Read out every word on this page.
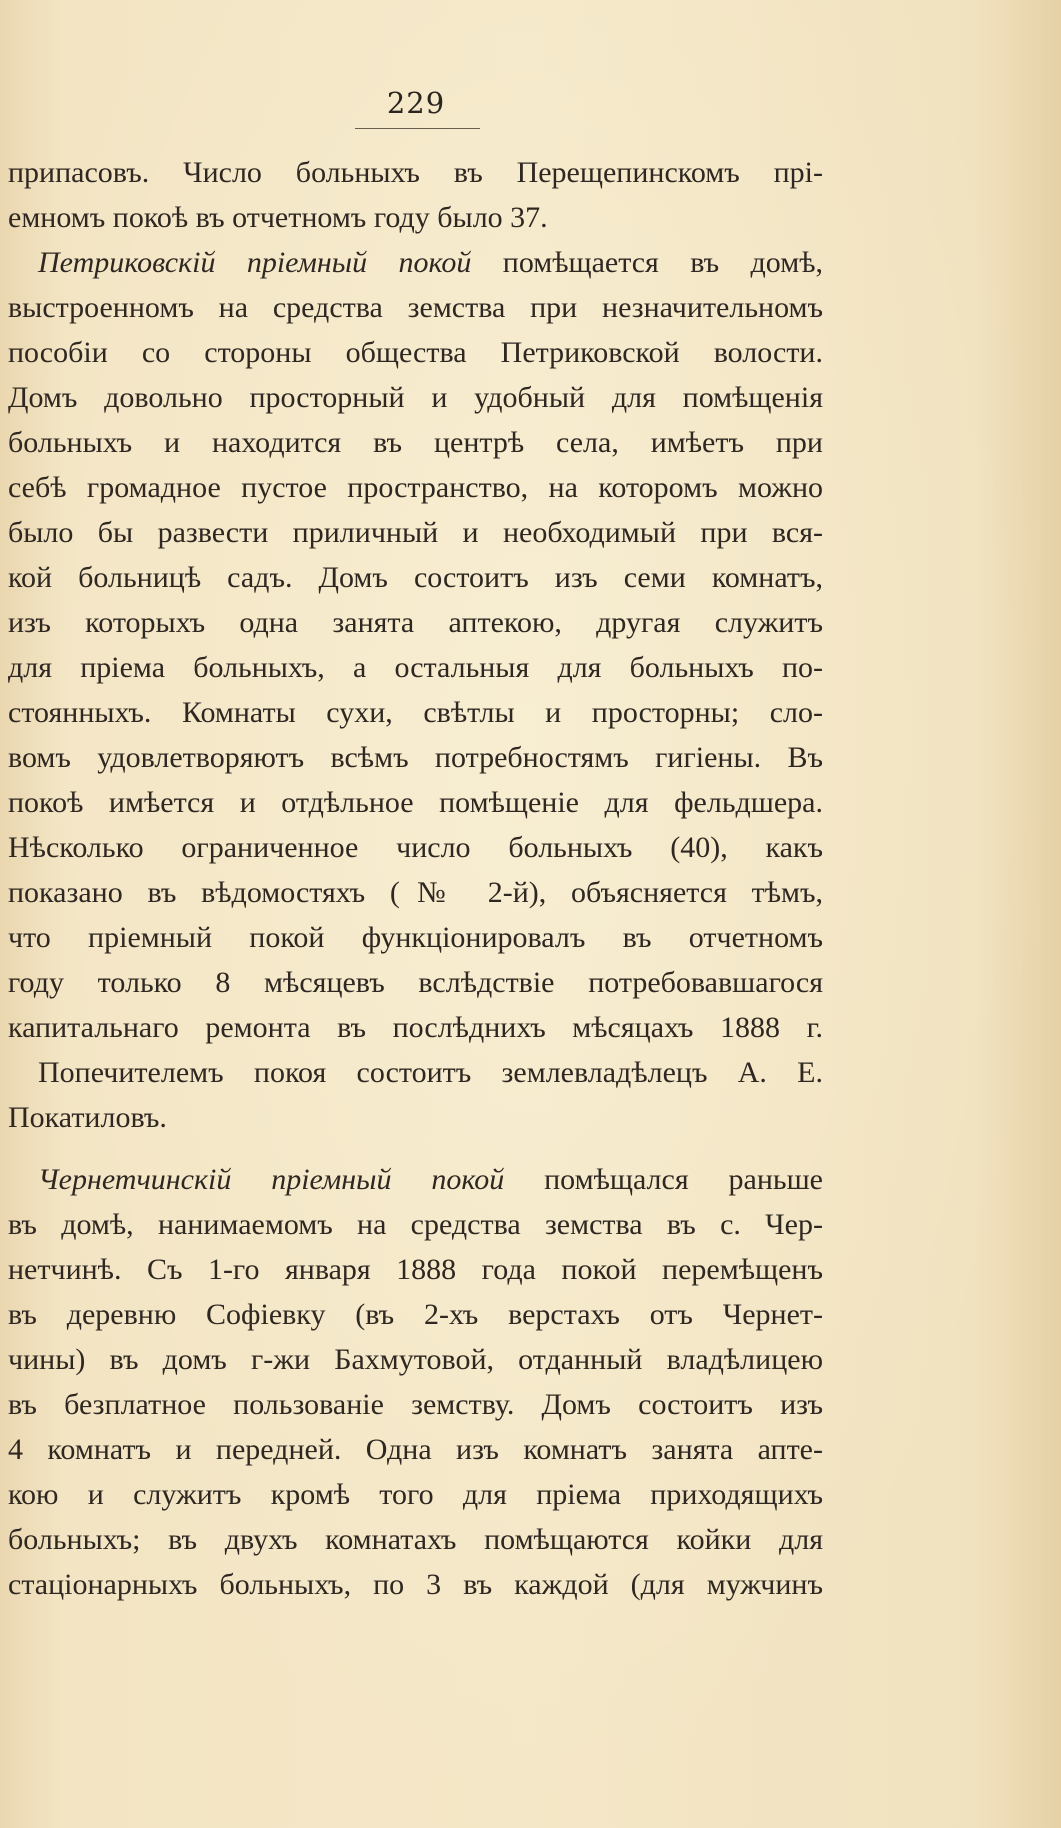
229
припасовъ. Число больныхъ въ Перещепинскомъ прі-
емномъ покоѣ въ отчетномъ году было 37.
Петриковскій пріемный покой помѣщается въ домѣ,
выстроенномъ на средства земства при незначительномъ
пособіи со стороны общества Петриковской волости.
Домъ довольно просторный и удобный для помѣщенія
больныхъ и находится въ центрѣ села, имѣетъ при
себѣ громадное пустое пространство, на которомъ можно
было бы развести приличный и необходимый при вся-
кой больницѣ садъ. Домъ состоитъ изъ семи комнатъ,
изъ которыхъ одна занята аптекою, другая служитъ
для пріема больныхъ, а остальныя для больныхъ по-
стоянныхъ. Комнаты сухи, свѣтлы и просторны; сло-
вомъ удовлетворяютъ всѣмъ потребностямъ гигіены. Въ
покоѣ имѣется и отдѣльное помѣщеніе для фельдшера.
Нѣсколько ограниченное число больныхъ (40), какъ
показано въ вѣдомостяхъ (№ 2-й), объясняется тѣмъ,
что пріемный покой функціонировалъ въ отчетномъ
году только 8 мѣсяцевъ вслѣдствіе потребовавшагося
капитальнаго ремонта въ послѣднихъ мѣсяцахъ 1888 г.
Попечителемъ покоя состоитъ землевладѣлецъ А. Е.
Покатиловъ.
Чернетчинскій пріемный покой помѣщался раньше
въ домѣ, нанимаемомъ на средства земства въ с. Чер-
нетчинѣ. Съ 1-го января 1888 года покой перемѣщенъ
въ деревню Софіевку (въ 2-хъ верстахъ отъ Чернет-
чины) въ домъ г-жи Бахмутовой, отданный владѣлицею
въ безплатное пользованіе земству. Домъ состоитъ изъ
4 комнатъ и передней. Одна изъ комнатъ занята апте-
кою и служитъ кромѣ того для пріема приходящихъ
больныхъ; въ двухъ комнатахъ помѣщаются койки для
стаціонарныхъ больныхъ, по 3 въ каждой (для мужчинъ
